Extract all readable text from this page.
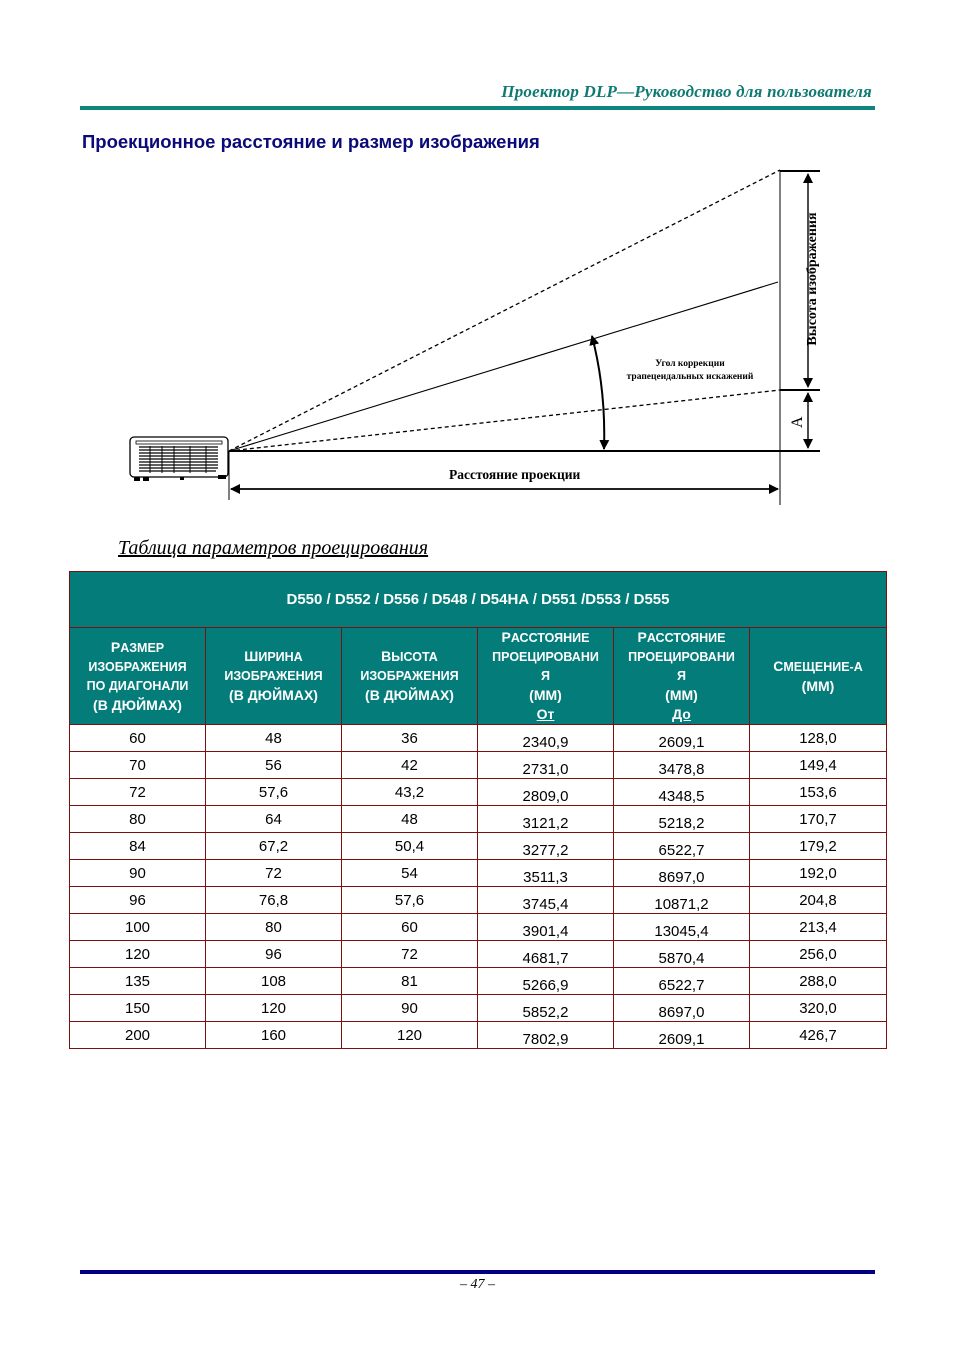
Проектор DLP—Руководство для пользователя
Проекционное расстояние и размер изображения
Расстояние проекции
Угол коррекции
трапецеидальных искажений
Высота изображения
A
Таблица параметров проецирования
D550 / D552 / D556 / D548 / D54HA / D551 /D553 / D555					

РАЗМЕР
ИЗОБРАЖЕНИЯ
ПО ДИАГОНАЛИ
(В ДЮЙМАХ)

ШИРИНА
ИЗОБРАЖЕНИЯ
(В ДЮЙМАХ)

ВЫСОТА
ИЗОБРАЖЕНИЯ
(В ДЮЙМАХ)

РАССТОЯНИЕ
ПРОЕЦИРОВАНИ
Я
(ММ)
От

РАССТОЯНИЕ
ПРОЕЦИРОВАНИ
Я
(ММ)
До

СМЕЩЕНИЕ-А
(ММ)

60	48	36	2340,9	2609,1	128,0
70	56	42	2731,0	3478,8	149,4
72	57,6	43,2	2809,0	4348,5	153,6
80	64	48	3121,2	5218,2	170,7
84	67,2	50,4	3277,2	6522,7	179,2
90	72	54	3511,3	8697,0	192,0
96	76,8	57,6	3745,4	10871,2	204,8
100	80	60	3901,4	13045,4	213,4
120	96	72	4681,7	5870,4	256,0
135	108	81	5266,9	6522,7	288,0
150	120	90	5852,2	8697,0	320,0
200	160	120	7802,9	2609,1	426,7
– 47 –
